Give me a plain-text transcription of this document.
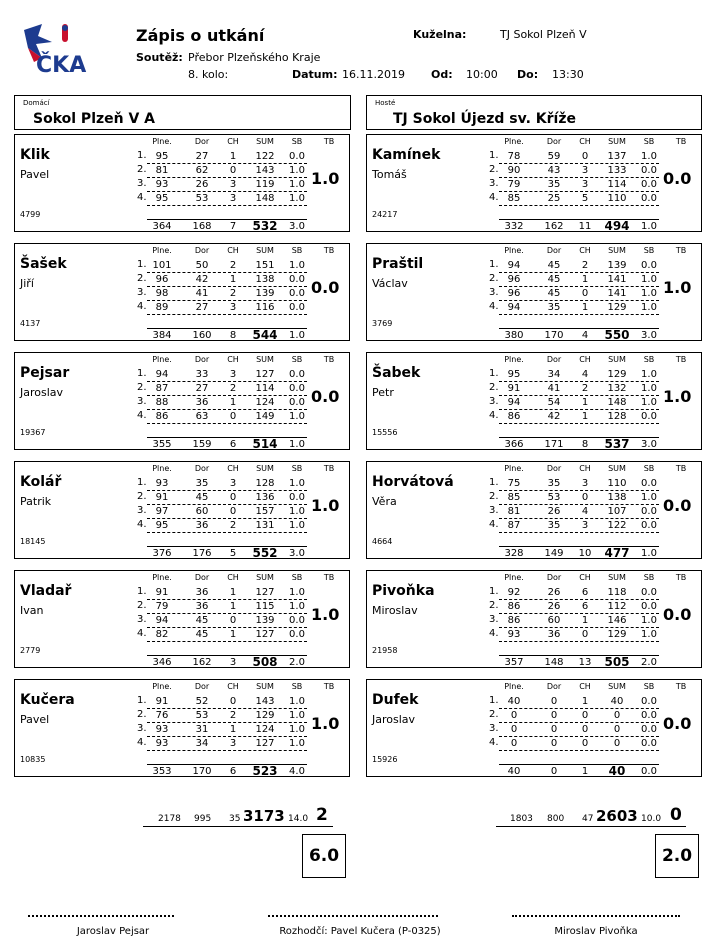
ČKA
Zápis o utkání
Soutěž: Přebor Plzeňského Kraje
8. kolo:	Datum: 16.11.2019 Od: 10:00 Do: 13:30
Kuželna:	TJ Sokol Plzeň V
Domácí
Sokol Plzeň V A
Hosté
TJ Sokol Újezd sv. Kříže
Klik
Pavel
4799
Plne.	Dor	CH	SUM	SB	TB
1. 95	27	1	122	0.0
2. 81	62	0	143	1.0
3. 93	26	3	119	1.0
4. 95	53	3	148	1.0
364	168	7	532	3.0
1.0
Šašek
Jiří
4137
Plne.	Dor	CH	SUM	SB	TB
1. 101	50	2	151	1.0
2. 96	42	1	138	0.0
3. 98	41	2	139	0.0
4. 89	27	3	116	0.0
384	160	8	544	1.0
0.0
Pejsar
Jaroslav
19367
Plne.	Dor	CH	SUM	SB	TB
1. 94	33	3	127	0.0
2. 87	27	2	114	0.0
3. 88	36	1	124	0.0
4. 86	63	0	149	1.0
355	159	6	514	1.0
0.0
Kolář
Patrik
18145
Plne.	Dor	CH	SUM	SB	TB
1. 93	35	3	128	1.0
2. 91	45	0	136	0.0
3. 97	60	0	157	1.0
4. 95	36	2	131	1.0
376	176	5	552	3.0
1.0
Vladař
Ivan
2779
Plne.	Dor	CH	SUM	SB	TB
1. 91	36	1	127	1.0
2. 79	36	1	115	1.0
3. 94	45	0	139	0.0
4. 82	45	1	127	0.0
346	162	3	508	2.0
1.0
Kučera
Pavel
10835
Plne.	Dor	CH	SUM	SB	TB
1. 91	52	0	143	1.0
2. 76	53	2	129	1.0
3. 93	31	1	124	1.0
4. 93	34	3	127	1.0
353	170	6	523	4.0
1.0
Kamínek
Tomáš
24217
Plne.	Dor	CH	SUM	SB	TB
1. 78	59	0	137	1.0
2. 90	43	3	133	0.0
3. 79	35	3	114	0.0
4. 85	25	5	110	0.0
332	162	11	494	1.0
0.0
Praštil
Václav
3769
Plne.	Dor	CH	SUM	SB	TB
1. 94	45	2	139	0.0
2. 96	45	1	141	1.0
3. 96	45	0	141	1.0
4. 94	35	1	129	1.0
380	170	4	550	3.0
1.0
Šabek
Petr
15556
Plne.	Dor	CH	SUM	SB	TB
1. 95	34	4	129	1.0
2. 91	41	2	132	1.0
3. 94	54	1	148	1.0
4. 86	42	1	128	0.0
366	171	8	537	3.0
1.0
Horvátová
Věra
4664
Plne.	Dor	CH	SUM	SB	TB
1. 75	35	3	110	0.0
2. 85	53	0	138	1.0
3. 81	26	4	107	0.0
4. 87	35	3	122	0.0
328	149	10	477	1.0
0.0
Pivoňka
Miroslav
21958
Plne.	Dor	CH	SUM	SB	TB
1. 92	26	6	118	0.0
2. 86	26	6	112	0.0
3. 86	60	1	146	1.0
4. 93	36	0	129	1.0
357	148	13	505	2.0
0.0
Dufek
Jaroslav
15926
Plne.	Dor	CH	SUM	SB	TB
1. 40	0	1	40	0.0
2.	0	0	0	0	0.0
3.	0	0	0	0	0.0
4.	0	0	0	0	0.0
40	0	1	40	0.0
0.0
2178 995 35 3173 14.0 2
6.0
1803 800 47 2603 10.0 0
2.0
Jaroslav Pejsar	Rozhodčí: Pavel Kučera (P-0325)	Miroslav Pivoňka
